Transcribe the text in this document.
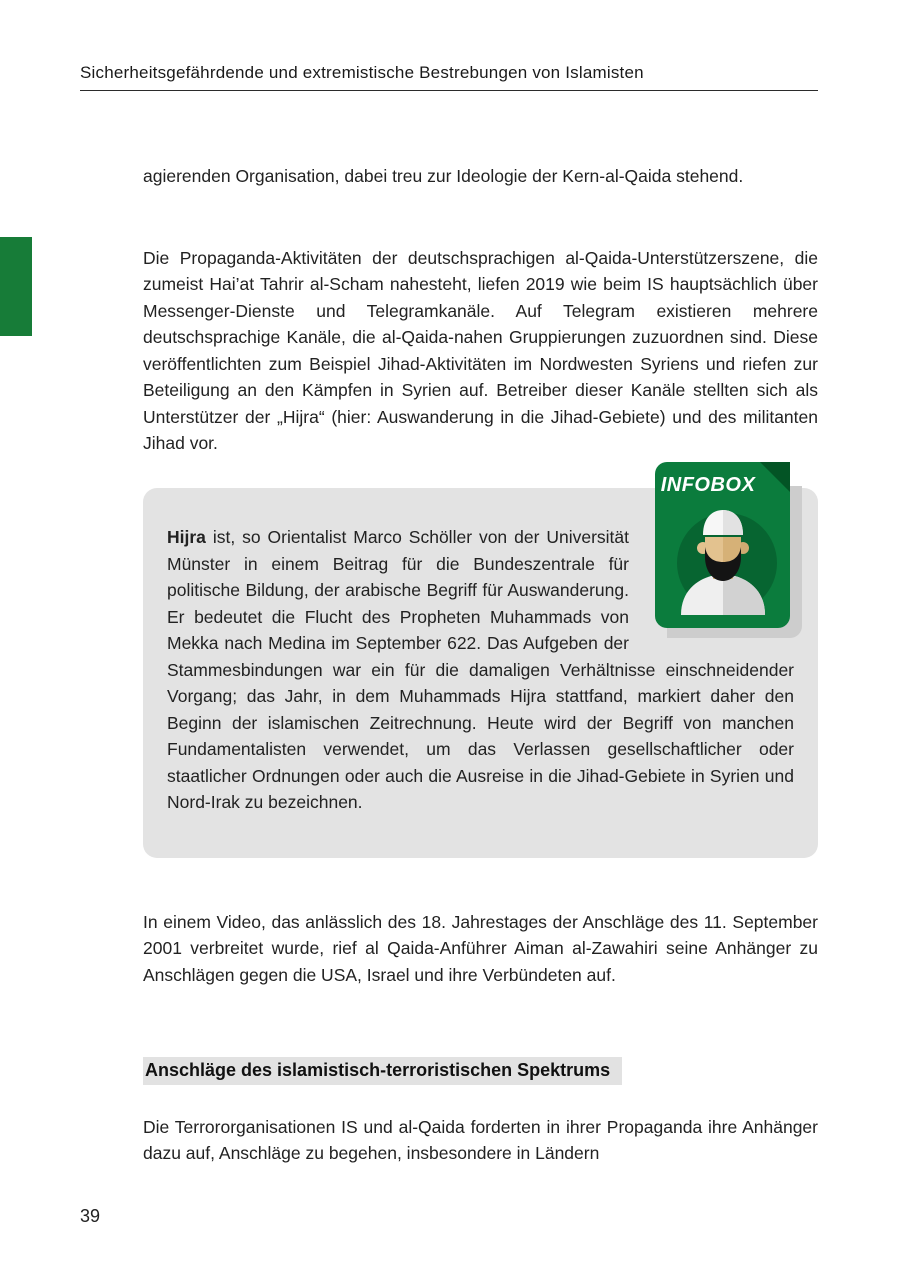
Sicherheitsgefährdende und extremistische Bestrebungen von Islamisten

agierenden Organisation, dabei treu zur Ideologie der Kern-al-Qaida stehend.

Die Propaganda-Aktivitäten der deutschsprachigen al-Qaida-Unterstützerszene, die zumeist Hai’at Tahrir al-Scham nahesteht, liefen 2019 wie beim IS hauptsächlich über Messenger-Dienste und Telegramkanäle. Auf Telegram existieren mehrere deutschsprachige Kanäle, die al-Qaida-nahen Gruppierungen zuzuordnen sind. Diese veröffentlichten zum Beispiel Jihad-Aktivitäten im Nordwesten Syriens und riefen zur Beteiligung an den Kämpfen in Syrien auf. Betreiber dieser Kanäle stellten sich als Unterstützer der „Hijra“ (hier: Auswanderung in die Jihad-Gebiete) und des militanten Jihad vor.

INFOBOX
Hijra ist, so Orientalist Marco Schöller von der Universität Münster in einem Beitrag für die Bundeszentrale für politische Bildung, der arabische Begriff für Auswanderung. Er bedeutet die Flucht des Propheten Muhammads von Mekka nach Medina im September 622. Das Aufgeben der Stammesbindungen war ein für die damaligen Verhältnisse einschneidender Vorgang; das Jahr, in dem Muhammads Hijra stattfand, markiert daher den Beginn der islamischen Zeitrechnung. Heute wird der Begriff von manchen Fundamentalisten verwendet, um das Verlassen gesellschaftlicher oder staatlicher Ordnungen oder auch die Ausreise in die Jihad-Gebiete in Syrien und Nord-Irak zu bezeichnen.

In einem Video, das anlässlich des 18. Jahrestages der Anschläge des 11. September 2001 verbreitet wurde, rief al Qaida-Anführer Aiman al-Zawahiri seine Anhänger zu Anschlägen gegen die USA, Israel und ihre Verbündeten auf.

Anschläge des islamistisch-terroristischen Spektrums

Die Terrororganisationen IS und al-Qaida forderten in ihrer Propaganda ihre Anhänger dazu auf, Anschläge zu begehen, insbesondere in Ländern

39
